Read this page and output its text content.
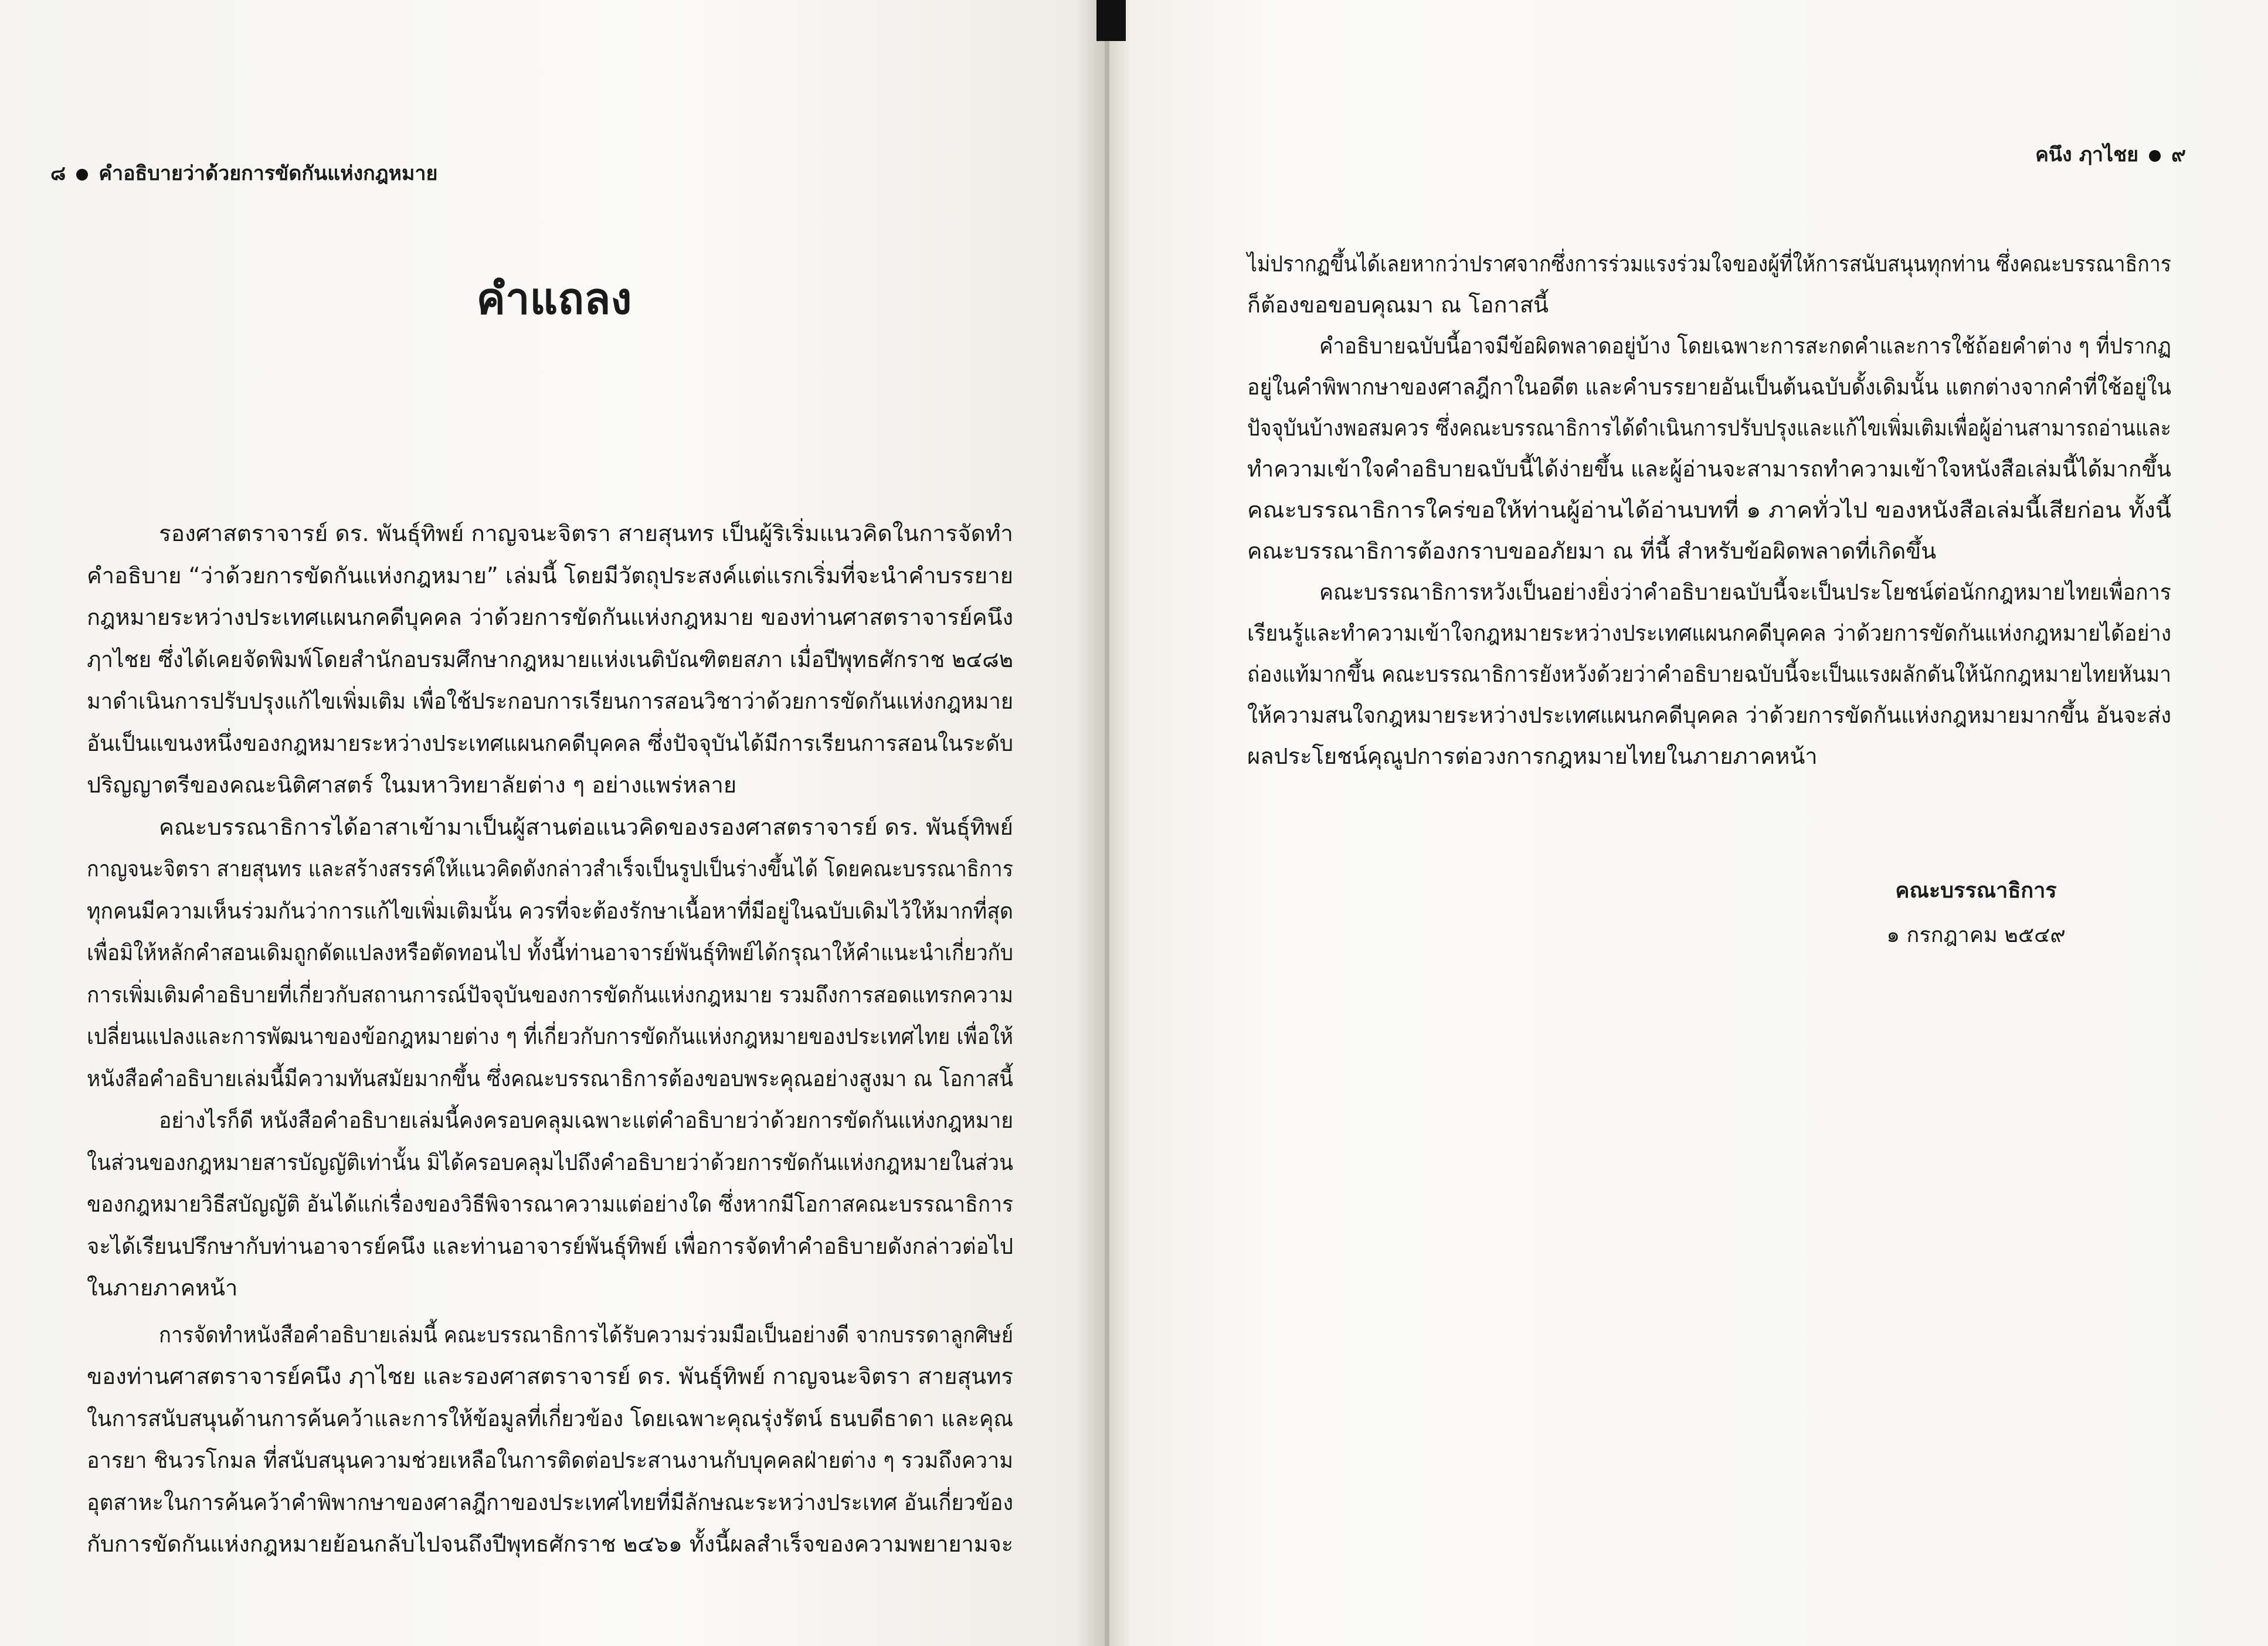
๘ คำอธิบายว่าด้วยการขัดกันแห่งกฎหมาย
คำแถลง
รองศาสตราจารย์ ดร. พันธุ์ทิพย์ กาญจนะจิตรา สายสุนทร เป็นผู้ริเริ่มแนวคิดในการจัดทำ
คำอธิบาย “ว่าด้วยการขัดกันแห่งกฎหมาย” เล่มนี้ โดยมีวัตถุประสงค์แต่แรกเริ่มที่จะนำคำบรรยาย
กฎหมายระหว่างประเทศแผนกคดีบุคคล ว่าด้วยการขัดกันแห่งกฎหมาย ของท่านศาสตราจารย์คนึง
ฦาไชย ซึ่งได้เคยจัดพิมพ์โดยสำนักอบรมศึกษากฎหมายแห่งเนติบัณฑิตยสภา เมื่อปีพุทธศักราช ๒๔๘๒
มาดำเนินการปรับปรุงแก้ไขเพิ่มเติม เพื่อใช้ประกอบการเรียนการสอนวิชาว่าด้วยการขัดกันแห่งกฎหมาย
อันเป็นแขนงหนึ่งของกฎหมายระหว่างประเทศแผนกคดีบุคคล ซึ่งปัจจุบันได้มีการเรียนการสอนในระดับ
ปริญญาตรีของคณะนิติศาสตร์ ในมหาวิทยาลัยต่าง ๆ อย่างแพร่หลาย
คณะบรรณาธิการได้อาสาเข้ามาเป็นผู้สานต่อแนวคิดของรองศาสตราจารย์ ดร. พันธุ์ทิพย์
กาญจนะจิตรา สายสุนทร และสร้างสรรค์ให้แนวคิดดังกล่าวสำเร็จเป็นรูปเป็นร่างขึ้นได้ โดยคณะบรรณาธิการ
ทุกคนมีความเห็นร่วมกันว่าการแก้ไขเพิ่มเติมนั้น ควรที่จะต้องรักษาเนื้อหาที่มีอยู่ในฉบับเดิมไว้ให้มากที่สุด
เพื่อมิให้หลักคำสอนเดิมถูกดัดแปลงหรือตัดทอนไป ทั้งนี้ท่านอาจารย์พันธุ์ทิพย์ได้กรุณาให้คำแนะนำเกี่ยวกับ
การเพิ่มเติมคำอธิบายที่เกี่ยวกับสถานการณ์ปัจจุบันของการขัดกันแห่งกฎหมาย รวมถึงการสอดแทรกความ
เปลี่ยนแปลงและการพัฒนาของข้อกฎหมายต่าง ๆ ที่เกี่ยวกับการขัดกันแห่งกฎหมายของประเทศไทย เพื่อให้
หนังสือคำอธิบายเล่มนี้มีความทันสมัยมากขึ้น ซึ่งคณะบรรณาธิการต้องขอบพระคุณอย่างสูงมา ณ โอกาสนี้
อย่างไรก็ดี หนังสือคำอธิบายเล่มนี้คงครอบคลุมเฉพาะแต่คำอธิบายว่าด้วยการขัดกันแห่งกฎหมาย
ในส่วนของกฎหมายสารบัญญัติเท่านั้น มิได้ครอบคลุมไปถึงคำอธิบายว่าด้วยการขัดกันแห่งกฎหมายในส่วน
ของกฎหมายวิธีสบัญญัติ อันได้แก่เรื่องของวิธีพิจารณาความแต่อย่างใด ซึ่งหากมีโอกาสคณะบรรณาธิการ
จะได้เรียนปรึกษากับท่านอาจารย์คนึง และท่านอาจารย์พันธุ์ทิพย์ เพื่อการจัดทำคำอธิบายดังกล่าวต่อไป
ในภายภาคหน้า
การจัดทำหนังสือคำอธิบายเล่มนี้ คณะบรรณาธิการได้รับความร่วมมือเป็นอย่างดี จากบรรดาลูกศิษย์
ของท่านศาสตราจารย์คนึง ฦาไชย และรองศาสตราจารย์ ดร. พันธุ์ทิพย์ กาญจนะจิตรา สายสุนทร
ในการสนับสนุนด้านการค้นคว้าและการให้ข้อมูลที่เกี่ยวข้อง โดยเฉพาะคุณรุ่งรัตน์ ธนบดีธาดา และคุณ
อารยา ชินวรโกมล ที่สนับสนุนความช่วยเหลือในการติดต่อประสานงานกับบุคคลฝ่ายต่าง ๆ รวมถึงความ
อุตสาหะในการค้นคว้าคำพิพากษาของศาลฎีกาของประเทศไทยที่มีลักษณะระหว่างประเทศ อันเกี่ยวข้อง
กับการขัดกันแห่งกฎหมายย้อนกลับไปจนถึงปีพุทธศักราช ๒๔๖๑ ทั้งนี้ผลสำเร็จของความพยายามจะ
คนึง ฦาไชย ๙
ไม่ปรากฏขึ้นได้เลยหากว่าปราศจากซึ่งการร่วมแรงร่วมใจของผู้ที่ให้การสนับสนุนทุกท่าน ซึ่งคณะบรรณาธิการ
ก็ต้องขอขอบคุณมา ณ โอกาสนี้
คำอธิบายฉบับนี้อาจมีข้อผิดพลาดอยู่บ้าง โดยเฉพาะการสะกดคำและการใช้ถ้อยคำต่าง ๆ ที่ปรากฏ
อยู่ในคำพิพากษาของศาลฎีกาในอดีต และคำบรรยายอันเป็นต้นฉบับดั้งเดิมนั้น แตกต่างจากคำที่ใช้อยู่ใน
ปัจจุบันบ้างพอสมควร ซึ่งคณะบรรณาธิการได้ดำเนินการปรับปรุงและแก้ไขเพิ่มเติมเพื่อผู้อ่านสามารถอ่านและ
ทำความเข้าใจคำอธิบายฉบับนี้ได้ง่ายขึ้น และผู้อ่านจะสามารถทำความเข้าใจหนังสือเล่มนี้ได้มากขึ้น
คณะบรรณาธิการใคร่ขอให้ท่านผู้อ่านได้อ่านบทที่ ๑ ภาคทั่วไป ของหนังสือเล่มนี้เสียก่อน ทั้งนี้
คณะบรรณาธิการต้องกราบขออภัยมา ณ ที่นี้ สำหรับข้อผิดพลาดที่เกิดขึ้น
คณะบรรณาธิการหวังเป็นอย่างยิ่งว่าคำอธิบายฉบับนี้จะเป็นประโยชน์ต่อนักกฎหมายไทยเพื่อการ
เรียนรู้และทำความเข้าใจกฎหมายระหว่างประเทศแผนกคดีบุคคล ว่าด้วยการขัดกันแห่งกฎหมายได้อย่าง
ถ่องแท้มากขึ้น คณะบรรณาธิการยังหวังด้วยว่าคำอธิบายฉบับนี้จะเป็นแรงผลักดันให้นักกฎหมายไทยหันมา
ให้ความสนใจกฎหมายระหว่างประเทศแผนกคดีบุคคล ว่าด้วยการขัดกันแห่งกฎหมายมากขึ้น อันจะส่ง
ผลประโยชน์คุณูปการต่อวงการกฎหมายไทยในภายภาคหน้า
คณะบรรณาธิการ
๑ กรกฎาคม ๒๕๔๙
